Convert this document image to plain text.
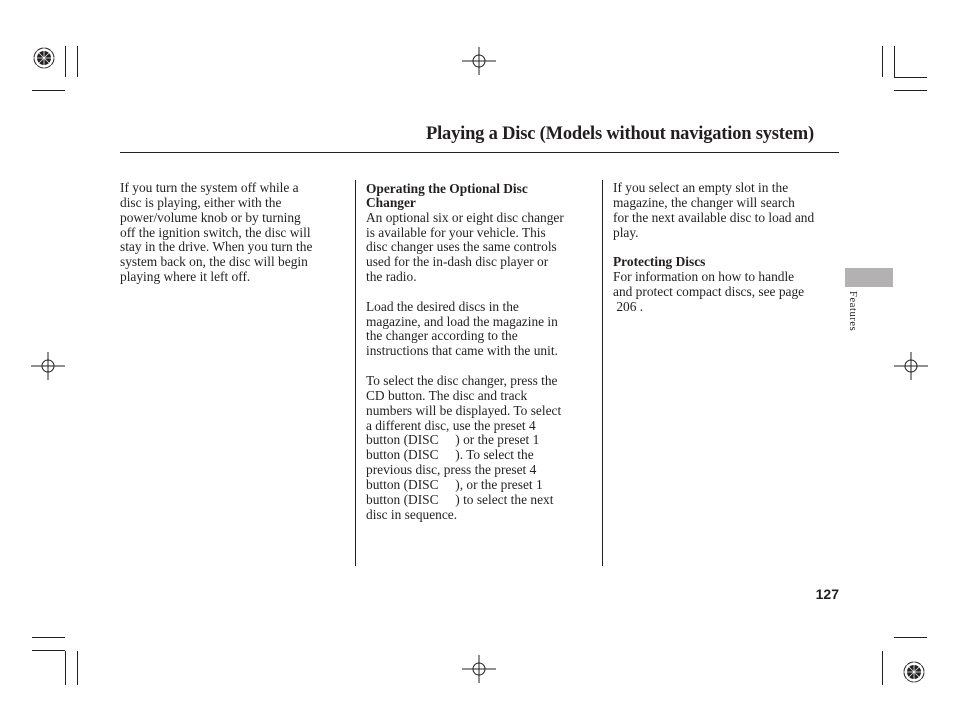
Playing a Disc (Models without navigation system)

If you turn the system off while a

disc is playing, either with the

power/volume knob or by turning

off the ignition switch, the disc will

stay in the drive. When you turn the

system back on, the disc will begin

playing where it left off.

Operating the Optional Disc

Changer

An optional six or eight disc changer

is available for your vehicle. This

disc changer uses the same controls

used for the in-dash disc player or

the radio.

Load the desired discs in the

magazine, and load the magazine in

the changer according to the

instructions that came with the unit.

To select the disc changer, press the

CD button. The disc and track

numbers will be displayed. To select

a different disc, use the preset 4

button (DISC     ) or the preset 1

button (DISC     ). To select the

previous disc, press the preset 4

button (DISC     ), or the preset 1

button (DISC     ) to select the next

disc in sequence.

If you select an empty slot in the

magazine, the changer will search

for the next available disc to load and

play.

Protecting Discs

For information on how to handle

and protect compact discs, see page

206 .	Features
127
